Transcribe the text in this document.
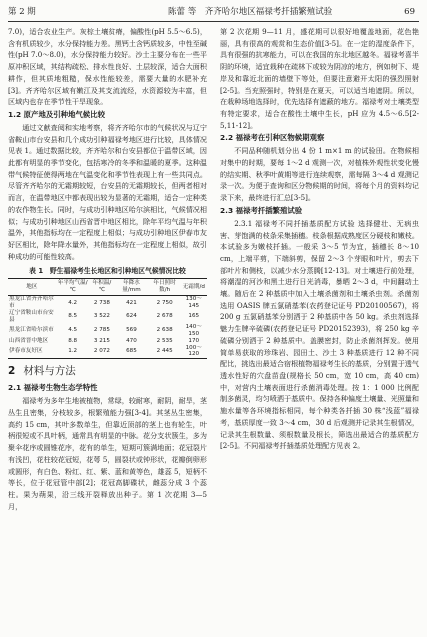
第 2 期	陈蕾 等　齐齐哈尔地区福禄考扦插繁殖试验	69

7.0)，适合农业生产。灰棕土壤贫瘠，偏酸性(pH 5.5～6.5)，含有机质较少，水分保持能力差。黑钙土含钙质较多，中性至碱性(pH 7.0～8.0)，水分保持能力较好。沙土主要分布在一些平原冲积区域，其结构疏松、排水性良好、土层较深，适合大面积耕作，但其质地粗糙，保水性能较差，需要大量的水肥补充[3]。齐齐哈尔区域有嫩江及其支流流经，水资源较为丰富，但区域内也存在季节性干旱现象。

1.2 原产地及引种地气候比较

通过文献查阅和实地考察，将齐齐哈尔市的气候状况与辽宁省鞍山市台安县和几个成功引种福禄考地区进行比较，具体情况见表 1。通过数据比较，齐齐哈尔和台安县都位于温带区域，因此都有明显的季节变化，包括寒冷的冬季和温暖的夏季。这种温带气候特征使得两地在气温变化和季节性表现上有一些共同点。尽管齐齐哈尔的无霜期较短，台安县的无霜期较长，但两者相对而言，在温带地区中都表现出较为显著的无霜期，适合一定种类的农作物生长。同时，与成功引种地区哈尔滨相比，气候情况相似；与成功引种地区山西省晋中地区相比，除年平均气温与年积温外，其他指标均在一定程度上相似；与成功引种地区伊春市友好区相比，除年降水量外，其他指标均在一定程度上相似，故引种成功的可能性较高。

表 1　野生福禄考生长地区和引种地区气候情况比较
地区	年平均气温/℃	年积温/℃	年降水量/mm	年日照时数/h	无霜期/d
黑龙江省齐齐哈尔市	4.2	2 738	421	2 750	130～145
辽宁省鞍山市台安县	8.5	3 522	624	2 678	165
黑龙江省哈尔滨市	4.5	2 785	569	2 638	140～150
山西省晋中地区	8.8	3 215	470	2 535	170
伊春市友好区	1.2	2 072	685	2 445	100～120
2 材料与方法
2.1 福禄考生物生态学特性

福禄考为多年生地被植物，常绿，较耐寒，耐阴，耐旱，茎丛生且密集，分枝较多，根繁殖能力强[3-4]。其茎丛生密集，高约 15 cm，其叶多数单生，但靠近顶部的茎上也有轮生，叶柄很短或不具叶柄，通常具有明显的中脉。花分支状簇生，多为聚伞花序或圆锥花序，花有的单生，短期可簇满地面；花冠裂片有浅凹，花柱较花冠短，花萼 5，圆裂状或钟形状，花瓣倒卵形或圆形，有白色、粉红、红、紫、蓝和黄等色，雄蕊 5，短柄不等长，位于花冠管中部[2]；花冠高脚碟状，雌蕊分成 3 个蕊柱。果为蒴果，沿三线开裂释放出种子。第 1 次花期 3—5 月，

第 2 次花期 9—11 月，盛花期可以很好地覆盖地面，花色艳丽，具有很高的观赏和生态价值[3-5]。在一定的湿度条件下，具有很强的抗寒能力，可以在我国的东北地区越冬。福禄考喜半阴的环境，适宜栽种在疏林下或较为阴凉的地方，例如树下、堤岸及和靠近北面的墙壁下等处，但要注意避开太阳的强烈照射[2-5]。当充照强时，特别是在夏天，可以适当地遮阴。所以，在栽种场地选择时，优先选择有遮蔽的地方。福禄考对土壤类型有特定要求，适合在酸性土壤中生长，pH 应为 4.5～6.5[2-5,11-12]。

2.2 福禄考在引种区物候期观察

不同品种随机划分出 4 份 1 m×1 m 的试验田。在物候相对集中的时期，要每 1～2 d 观测一次，对植株外观性状变化慢的结实期、秋季叶黄期等进行连续观察，需每隔 3～4 d 观测记录一次。为便于查询和区分物候期的时间，将每个月的资料均记录下来，最终进行汇总[3-5]。

2.3 福禄考扦插繁殖试验

2.3.1 福禄考不同扦插基质配方试验 选择健壮、无病虫害、芽饱满的枝条采集插穗。枝条根据成熟度区分硬枝和嫩枝。本试验多为嫩枝扦插。一般采 3～5 节为宜，插穗长 8～10 cm，上端平剪，下端斜剪，保留 2～3 个芽眼和叶片，剪去下部叶片和侧枝，以减少水分蒸腾[12-13]。对土壤进行前处理，将潮湿的河沙和黑土进行日光消毒，暴晒 2～3 d，中间翻动土壤。随后在 2 种基质中加入土壤杀菌剂和土壤杀虫剂。杀菌剂选用 OASIS 牌五氯硝基苯(农药登记证号 PD20100567)，将 200 g 五氯硝基苯分别洒于 2 种基质中各 50 kg。杀虫剂选择魅力生牌辛硫磷(农药登记证号 PD20152393)，将 250 kg 辛硫磷分别洒于 2 种基质中。盖膜密封，防止杀菌剂挥发。使用简单易获取的珍珠岩、园田土、沙土 3 种基质进行 12 种不同配比，挑选出最适合宿根植物福禄考生长的基质，分别置于透气透水性好的穴盘苗盘(规格长 50 cm，宽 10 cm，高 40 cm)中，对营内土壤表面进行杀菌消毒处理。按 1：1 000 比例配制多菌灵，均匀喷洒于基质中。保持各种偏度土壤量、光照量和施水量等各环境指标相同，每个种类各扦插 30 株“浅蓝”福禄考，基质厚度一致 3～4 cm，30 d 后观测并记录其生根情况，记录其生根数量、须根数量及根长，筛选出最适合的基质配方[2-5]。不同福禄考扦插基质处理配方见表 2。
